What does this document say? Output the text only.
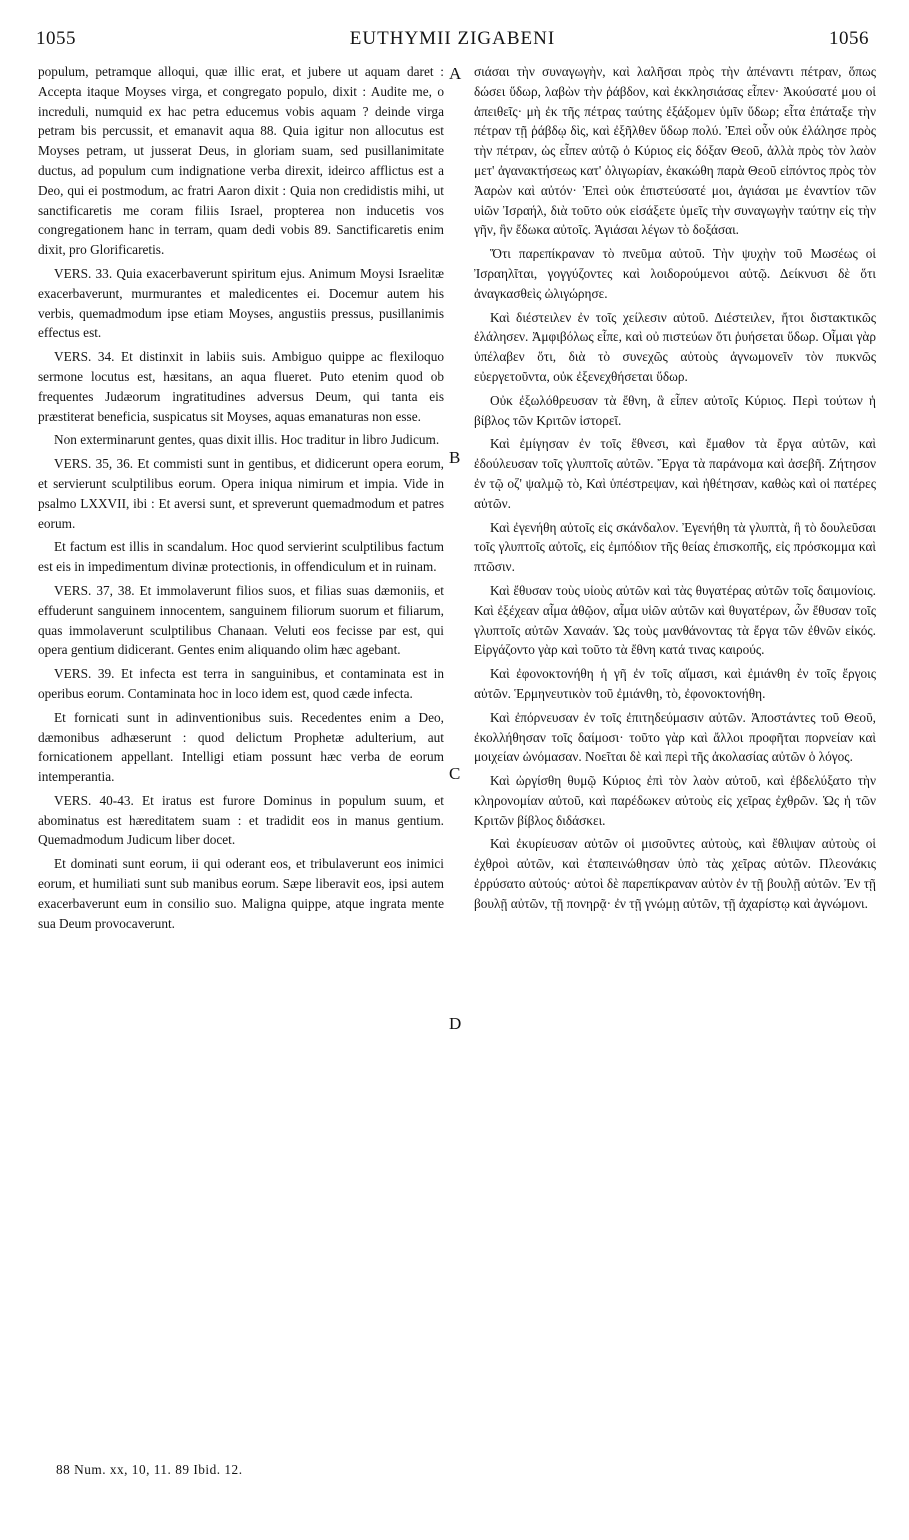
1055	EUTHYMII ZIGABENI	1056

populum, petramque alloqui, quæ illic erat, et jubere ut aquam daret : Accepta itaque Moyses virga, et congregato populo, dixit : Audite me, o increduli, numquid ex hac petra educemus vobis aquam ? deinde virga petram bis percussit, et emanavit aqua 88. Quia igitur non allocutus est Moyses petram, ut jusserat Deus, in gloriam suam, sed pusillanimitate ductus, ad populum cum indignatione verba direxit, ideirco afflictus est a Deo, qui ei postmodum, ac fratri Aaron dixit : Quia non credidistis mihi, ut sanctificaretis me coram filiis Israel, propterea non inducetis vos congregationem hanc in terram, quam dedi vobis 89. Sanctificaretis enim dixit, pro Glorificaretis.

VERS. 33. Quia exacerbaverunt spiritum ejus. Animum Moysi Israelitæ exacerbaverunt, murmurantes et maledicentes ei. Docemur autem his verbis, quemadmodum ipse etiam Moyses, angustiis pressus, pusillanimis effectus est.

VERS. 34. Et distinxit in labiis suis. Ambiguo quippe ac flexiloquo sermone locutus est, hæsitans, an aqua flueret. Puto etenim quod ob frequentes Judæorum ingratitudines adversus Deum, qui tanta eis præstiterat beneficia, suspicatus sit Moyses, aquas emanaturas non esse.

Non exterminarunt gentes, quas dixit illis. Hoc traditur in libro Judicum.

VERS. 35, 36. Et commisti sunt in gentibus, et didicerunt opera eorum, et servierunt sculptilibus eorum. Opera iniqua nimirum et impia. Vide in psalmo LXXVII, ibi : Et aversi sunt, et spreverunt quemadmodum et patres eorum.

Et factum est illis in scandalum. Hoc quod servierint sculptilibus factum est eis in impedimentum divinæ protectionis, in offendiculum et in ruinam.

VERS. 37, 38. Et immolaverunt filios suos, et filias suas dæmoniis, et effuderunt sanguinem innocentem, sanguinem filiorum suorum et filiarum, quas immolaverunt sculptilibus Chanaan. Veluti eos fecisse par est, qui opera gentium didicerant. Gentes enim aliquando olim hæc agebant.

VERS. 39. Et infecta est terra in sanguinibus, et contaminata est in operibus eorum. Contaminata hoc in loco idem est, quod cæde infecta.

Et fornicati sunt in adinventionibus suis. Recedentes enim a Deo, dæmonibus adhæserunt : quod delictum Prophetæ adulterium, aut fornicationem appellant. Intelligi etiam possunt hæc verba de eorum intemperantia.

VERS. 40-43. Et iratus est furore Dominus in populum suum, et abominatus est hæreditatem suam : et tradidit eos in manus gentium. Quemadmodum Judicum liber docet.

Et dominati sunt eorum, ii qui oderant eos, et tribulaverunt eos inimici eorum, et humiliati sunt sub manibus eorum. Sæpe liberavit eos, ipsi autem exacerbaverunt eum in consilio suo. Maligna quippe, atque ingrata mente sua Deum provocaverunt.

A
B
C
D

σιάσαι τὴν συναγωγὴν, καὶ λαλῆσαι πρὸς τὴν ἀπέναντι πέτραν, ὅπως δώσει ὕδωρ, λαβὼν τὴν ῥάβδον, καὶ ἐκκλησιάσας εἶπεν· Ἀκούσατέ μου οἱ ἀπειθεῖς· μὴ ἐκ τῆς πέτρας ταύτης ἐξάξομεν ὑμῖν ὕδωρ; εἶτα ἐπάταξε τὴν πέτραν τῇ ῥάβδῳ δὶς, καὶ ἐξῆλθεν ὕδωρ πολύ. Ἐπεὶ οὖν οὐκ ἐλάλησε πρὸς τὴν πέτραν, ὡς εἶπεν αὐτῷ ὁ Κύριος εἰς δόξαν Θεοῦ, ἀλλὰ πρὸς τὸν λαὸν μετ' ἀγανακτήσεως κατ' ὀλιγωρίαν, ἐκακώθη παρὰ Θεοῦ εἰπόντος πρὸς τὸν Ἀαρὼν καὶ αὐτόν· Ἐπεὶ οὐκ ἐπιστεύσατέ μοι, ἁγιάσαι με ἐναντίον τῶν υἱῶν Ἰσραήλ, διὰ τοῦτο οὐκ εἰσάξετε ὑμεῖς τὴν συναγωγὴν ταύτην εἰς τὴν γῆν, ἣν ἔδωκα αὐτοῖς. Ἁγιάσαι λέγων τὸ δοξάσαι.

Ὅτι παρεπίκραναν τὸ πνεῦμα αὐτοῦ. Τὴν ψυχὴν τοῦ Μωσέως οἱ Ἰσραηλῖται, γογγύζοντες καὶ λοιδορούμενοι αὐτῷ. Δείκνυσι δὲ ὅτι ἀναγκασθεὶς ὠλιγώρησε.

Καὶ διέστειλεν ἐν τοῖς χείλεσιν αὐτοῦ. Διέστειλεν, ἤτοι διστακτικῶς ἐλάλησεν. Ἀμφιβόλως εἶπε, καὶ οὐ πιστεύων ὅτι ῥυήσεται ὕδωρ. Οἶμαι γὰρ ὑπέλαβεν ὅτι, διὰ τὸ συνεχῶς αὐτοὺς ἀγνωμονεῖν τὸν πυκνῶς εὐεργετοῦντα, οὐκ ἐξενεχθήσεται ὕδωρ.

Οὐκ ἐξωλόθρευσαν τὰ ἔθνη, ἃ εἶπεν αὐτοῖς Κύριος. Περὶ τούτων ἡ βίβλος τῶν Κριτῶν ἱστορεῖ.

Καὶ ἐμίγησαν ἐν τοῖς ἔθνεσι, καὶ ἔμαθον τὰ ἔργα αὐτῶν, καὶ ἐδούλευσαν τοῖς γλυπτοῖς αὐτῶν. Ἔργα τὰ παράνομα καὶ ἀσεβῆ. Ζήτησον ἐν τῷ οζ' ψαλμῷ τὸ, Καὶ ὑπέστρεψαν, καὶ ἠθέτησαν, καθὼς καὶ οἱ πατέρες αὐτῶν.

Καὶ ἐγενήθη αὐτοῖς εἰς σκάνδαλον. Ἐγενήθη τὰ γλυπτὰ, ἢ τὸ δουλεῦσαι τοῖς γλυπτοῖς αὐτοῖς, εἰς ἐμπόδιον τῆς θείας ἐπισκοπῆς, εἰς πρόσκομμα καὶ πτῶσιν.

Καὶ ἔθυσαν τοὺς υἱοὺς αὐτῶν καὶ τὰς θυγατέρας αὐτῶν τοῖς δαιμονίοις. Καὶ ἐξέχεαν αἷμα ἀθῷον, αἷμα υἱῶν αὐτῶν καὶ θυγατέρων, ὧν ἔθυσαν τοῖς γλυπτοῖς αὐτῶν Χαναάν. Ὡς τοὺς μανθάνοντας τὰ ἔργα τῶν ἐθνῶν εἰκός. Εἰργάζοντο γὰρ καὶ τοῦτο τὰ ἔθνη κατά τινας καιρούς.

Καὶ ἐφονοκτονήθη ἡ γῆ ἐν τοῖς αἵμασι, καὶ ἐμιάνθη ἐν τοῖς ἔργοις αὐτῶν. Ἑρμηνευτικὸν τοῦ ἐμιάνθη, τὸ, ἐφονοκτονήθη.

Καὶ ἐπόρνευσαν ἐν τοῖς ἐπιτηδεύμασιν αὐτῶν. Ἀποστάντες τοῦ Θεοῦ, ἐκολλήθησαν τοῖς δαίμοσι· τοῦτο γὰρ καὶ ἄλλοι προφῆται πορνείαν καὶ μοιχείαν ὠνόμασαν. Νοεῖται δὲ καὶ περὶ τῆς ἀκολασίας αὐτῶν ὁ λόγος.

Καὶ ὠργίσθη θυμῷ Κύριος ἐπὶ τὸν λαὸν αὐτοῦ, καὶ ἐβδελύξατο τὴν κληρονομίαν αὐτοῦ, καὶ παρέδωκεν αὐτοὺς εἰς χεῖρας ἐχθρῶν. Ὡς ἡ τῶν Κριτῶν βίβλος διδάσκει.

Καὶ ἐκυρίευσαν αὐτῶν οἱ μισοῦντες αὐτοὺς, καὶ ἔθλιψαν αὐτοὺς οἱ ἐχθροὶ αὐτῶν, καὶ ἐταπεινώθησαν ὑπὸ τὰς χεῖρας αὐτῶν. Πλεονάκις ἐρρύσατο αὐτούς· αὐτοὶ δὲ παρεπίκραναν αὐτὸν ἐν τῇ βουλῇ αὐτῶν. Ἐν τῇ βουλῇ αὐτῶν, τῇ πονηρᾷ· ἐν τῇ γνώμῃ αὐτῶν, τῇ ἀχαρίστῳ καὶ ἀγνώμονι.

88 Num. xx, 10, 11. 89 Ibid. 12.
